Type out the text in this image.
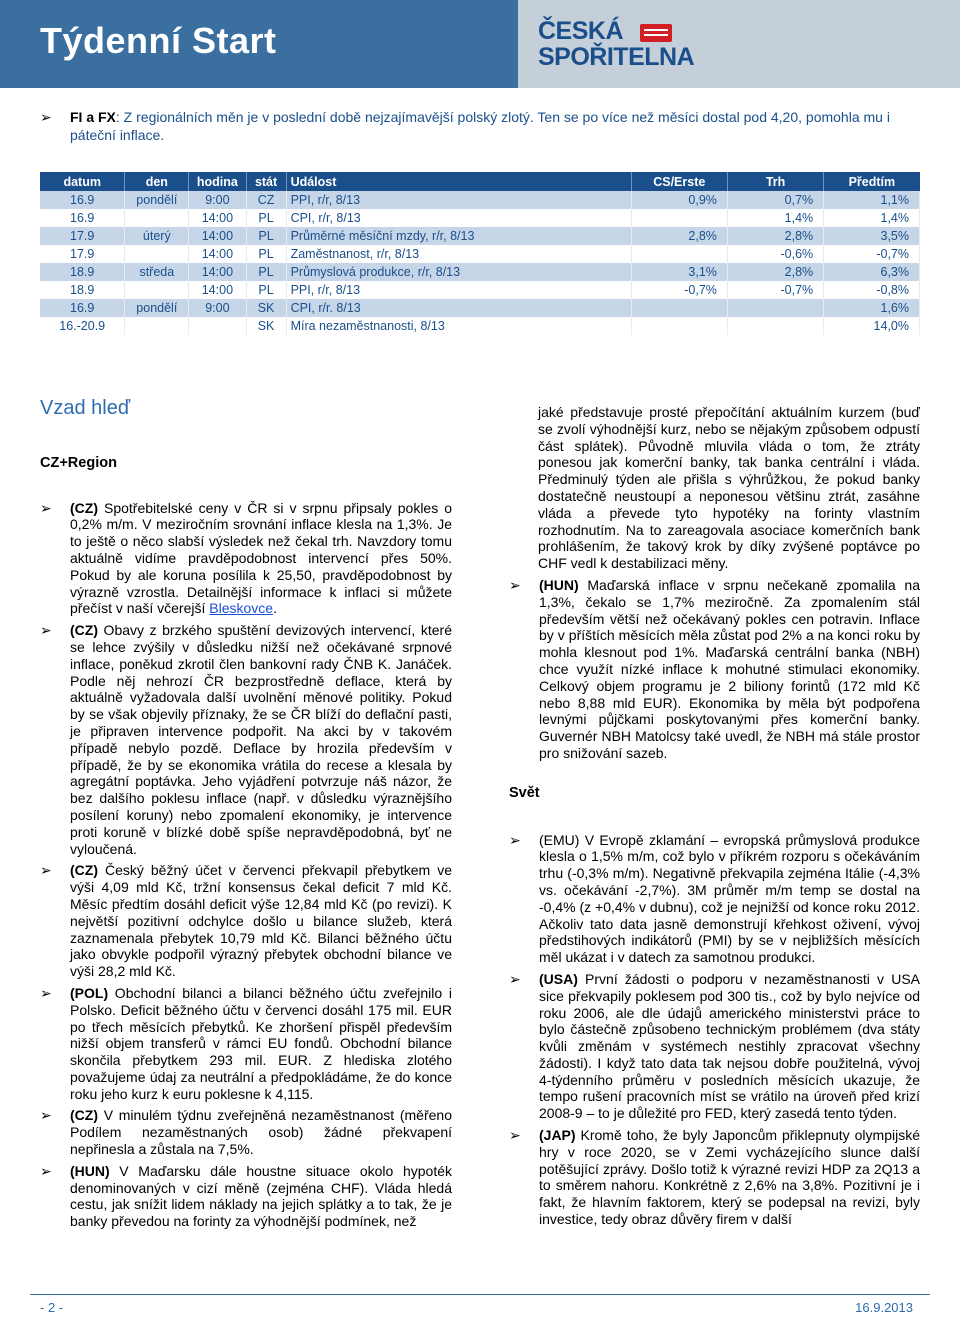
Týdenní Start	ČESKÁ
SPOŘITELNA
➢ FI a FX: Z regionálních měn je v poslední době nejzajímavější polský zlotý. Ten se po více než měsíci dostal pod 4,20, pomohla mu i páteční inflace.
datum	den	hodina	stát	Událost	CS/Erste	Trh	Předtím
16.9	pondělí	9:00	CZ	PPI, r/r, 8/13	0,9%	0,7%	1,1%
16.9		14:00	PL	CPI, r/r, 8/13		1,4%	1,4%
17.9	úterý	14:00	PL	Průměrné měsíční mzdy, r/r, 8/13	2,8%	2,8%	3,5%
17.9		14:00	PL	Zaměstnanost, r/r, 8/13		-0,6%	-0,7%
18.9	středa	14:00	PL	Průmyslová produkce, r/r, 8/13	3,1%	2,8%	6,3%
18.9		14:00	PL	PPI, r/r, 8/13	-0,7%	-0,7%	-0,8%
16.9	pondělí	9:00	SK	CPI, r/r. 8/13			1,6%
16.-20.9			SK	Míra nezaměstnanosti, 8/13			14,0%
Vzad hleď
CZ+Region
➢ (CZ) Spotřebitelské ceny v ČR si v srpnu připsaly pokles o 0,2% m/m. V meziročním srovnání inflace klesla na 1,3%. Je to ještě o něco slabší výsledek než čekal trh. Navzdory tomu aktuálně vidíme pravděpodobnost intervencí přes 50%. Pokud by ale koruna posílila k 25,50, pravděpodobnost by výrazně vzrostla. Detailnější informace k inflaci si můžete přečíst v naší včerejší Bleskovce.
➢ (CZ) Obavy z brzkého spuštění devizových intervencí, které se lehce zvýšily v důsledku nižší než očekávané srpnové inflace, poněkud zkrotil člen bankovní rady ČNB K. Janáček. Podle něj nehrozí ČR bezprostředně deflace, která by aktuálně vyžadovala další uvolnění měnové politiky. Pokud by se však objevily příznaky, že se ČR blíží do deflační pasti, je připraven intervence podpořit. Na akci by v takovém případě nebylo pozdě. Deflace by hrozila především v případě, že by se ekonomika vrátila do recese a klesala by agregátní poptávka. Jeho vyjádření potvrzuje náš názor, že bez dalšího poklesu inflace (např. v důsledku výraznějšího posílení koruny) nebo zpomalení ekonomiky, je intervence proti koruně v blízké době spíše nepravděpodobná, byť ne vyloučená.
➢ (CZ) Český běžný účet v červenci překvapil přebytkem ve výši 4,09 mld Kč, tržní konsensus čekal deficit 7 mld Kč. Měsíc předtím dosáhl deficit výše 12,84 mld Kč (po revizi). K největší pozitivní odchylce došlo u bilance služeb, která zaznamenala přebytek 10,79 mld Kč. Bilanci běžného účtu jako obvykle podpořil výrazný přebytek obchodní bilance ve výši 28,2 mld Kč.
➢ (POL) Obchodní bilanci a bilanci běžného účtu zveřejnilo i Polsko. Deficit běžného účtu v červenci dosáhl 175 mil. EUR po třech měsících přebytků. Ke zhoršení přispěl především nižší objem transferů v rámci EU fondů. Obchodní bilance skončila přebytkem 293 mil. EUR. Z hlediska zlotého považujeme údaj za neutrální a předpokládáme, že do konce roku jeho kurz k euru poklesne k 4,115.
➢ (CZ) V minulém týdnu zveřejněná nezaměstnanost (měřeno Podílem nezaměstnaných osob) žádné překvapení nepřinesla a zůstala na 7,5%.
➢ (HUN) V Maďarsku dále houstne situace okolo hypoték denominovaných v cizí měně (zejména CHF). Vláda hledá cestu, jak snížit lidem náklady na jejich splátky a to tak, že je banky převedou na forinty za výhodnější podmínek, než
jaké představuje prosté přepočítání aktuálním kurzem (buď se zvolí výhodnější kurz, nebo se nějakým způsobem odpustí část splátek). Původně mluvila vláda o tom, že ztráty ponesou jak komerční banky, tak banka centrální i vláda. Předminulý týden ale přišla s výhrůžkou, že pokud banky dostatečně neustoupí a neponesou většinu ztrát, zasáhne vláda a převede tyto hypotéky na forinty vlastním rozhodnutím. Na to zareagovala asociace komerčních bank prohlášením, že takový krok by díky zvýšené poptávce po CHF vedl k destabilizaci měny.
➢ (HUN) Maďarská inflace v srpnu nečekaně zpomalila na 1,3%, čekalo se 1,7% meziročně. Za zpomalením stál především větší než očekávaný pokles cen potravin. Inflace by v příštích měsících měla zůstat pod 2% a na konci roku by mohla klesnout pod 1%. Maďarská centrální banka (NBH) chce využít nízké inflace k mohutné stimulaci ekonomiky. Celkový objem programu je 2 biliony forintů (172 mld Kč nebo 8,88 mld EUR). Ekonomika by měla být podpořena levnými půjčkami poskytovanými přes komerční banky. Guvernér NBH Matolcsy také uvedl, že NBH má stále prostor pro snižování sazeb.
Svět
➢ (EMU) V Evropě zklamání – evropská průmyslová produkce klesla o 1,5% m/m, což bylo v příkrém rozporu s očekáváním trhu (-0,3% m/m). Negativně překvapila zejména Itálie (-4,3% vs. očekávání -2,7%). 3M průměr m/m temp se dostal na -0,4% (z +0,4% v dubnu), což je nejnižší od konce roku 2012. Ačkoliv tato data jasně demonstrují křehkost oživení, vývoj předstihových indikátorů (PMI) by se v nejbližších měsících měl ukázat i v datech za samotnou produkci.
➢ (USA) První žádosti o podporu v nezaměstnanosti v USA sice překvapily poklesem pod 300 tis., což by bylo nejvíce od roku 2006, ale dle údajů amerického ministerstvi práce to bylo částečně způsobeno technickým problémem (dva státy kvůli změnám v systémech nestihly zpracovat všechny žádosti). I když tato data tak nejsou dobře použitelná, vývoj 4-týdenního průměru v posledních měsících ukazuje, že tempo rušení pracovních míst se vrátilo na úroveň před krizí 2008-9 – to je důležité pro FED, který zasedá tento týden.
➢ (JAP) Kromě toho, že byly Japoncům přiklepnuty olympijské hry v roce 2020, se v Zemi vycházejícího slunce další potěšující zprávy. Došlo totiž k výrazné revizi HDP za 2Q13 a to směrem nahoru. Konkrétně z 2,6% na 3,8%. Pozitivní je i fakt, že hlavním faktorem, který se podepsal na revizi, byly investice, tedy obraz důvěry firem v další
- 2 -	16.9.2013
